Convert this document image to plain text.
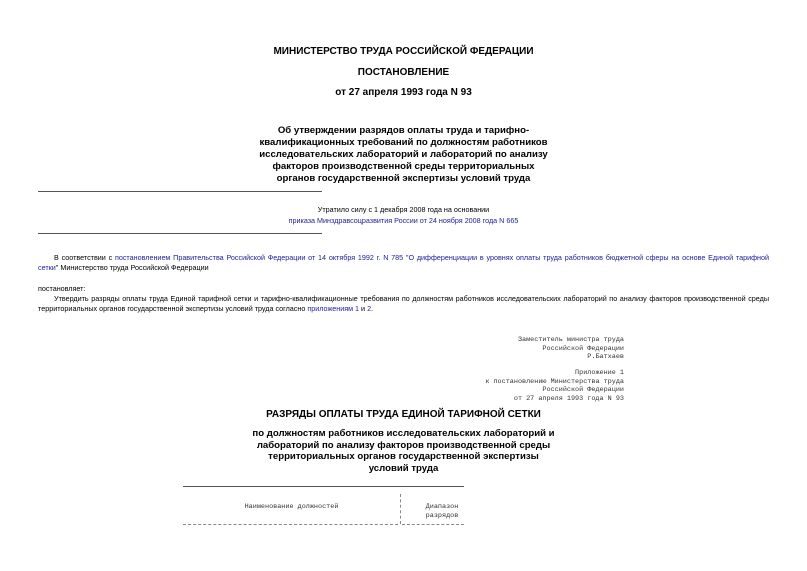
МИНИСТЕРСТВО ТРУДА РОССИЙСКОЙ ФЕДЕРАЦИИ
ПОСТАНОВЛЕНИЕ
от 27 апреля 1993 года N 93
Об утверждении разрядов оплаты труда и тарифно-
квалификационных требований по должностям работников
исследовательских лабораторий и лабораторий по анализу
факторов производственной среды территориальных
органов государственной экспертизы условий труда
Утратило силу с 1 декабря 2008 года на основании
приказа Минздравсоцразвития России от 24 ноября 2008 года N 665
В соответствии с постановлением Правительства Российской Федерации от 14 октября 1992 г. N 785 "О дифференциации в уровнях оплаты труда работников бюджетной сферы на основе Единой тарифной сетки" Министерство труда Российской Федерации
постановляет:
Утвердить разряды оплаты труда Единой тарифной сетки и тарифно-квалификационные требования по должностям работников исследовательских лабораторий по анализу факторов производственной среды территориальных органов государственной экспертизы условий труда согласно приложениям 1 и 2.
Заместитель министра труда
Российской Федерации
Р.Батхаев
Приложение 1
к постановлению Министерства труда
Российской Федерации
от 27 апреля 1993 года N 93
РАЗРЯДЫ ОПЛАТЫ ТРУДА ЕДИНОЙ ТАРИФНОЙ СЕТКИ
по должностям работников исследовательских лабораторий и
лабораторий по анализу факторов производственной среды
территориальных органов государственной экспертизы
условий труда
Наименование должностей	Диапазон
разрядов
